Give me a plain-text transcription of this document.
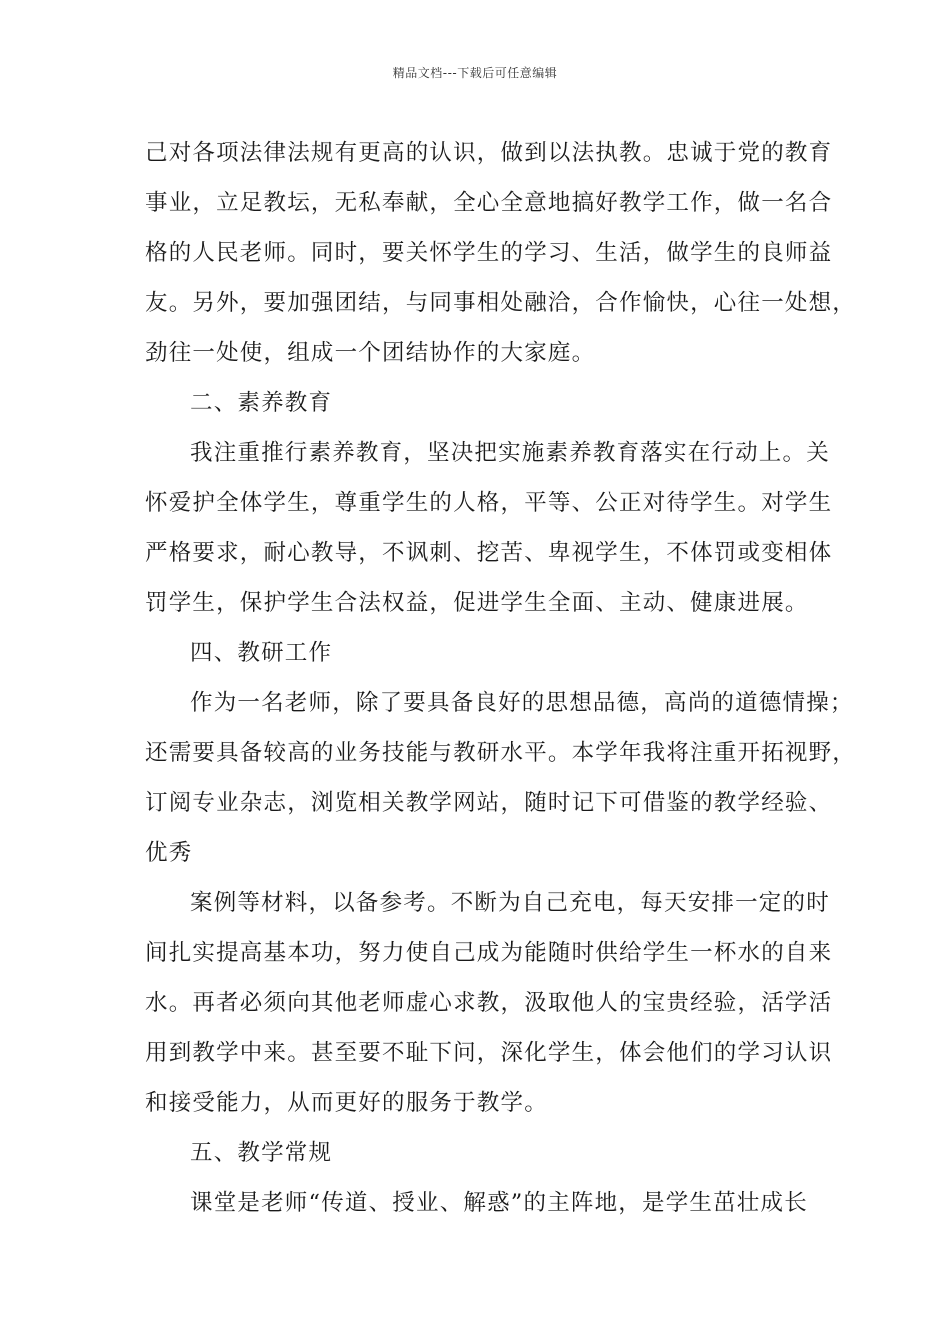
精品文档---下载后可任意编辑
己对各项法律法规有更高的认识，做到以法执教。忠诚于党的教育
事业，立足教坛，无私奉献，全心全意地搞好教学工作，做一名合
格的人民老师。同时，要关怀学生的学习、生活，做学生的良师益
友。另外，要加强团结，与同事相处融洽，合作愉快，心往一处想，
劲往一处使，组成一个团结协作的大家庭。
二、素养教育
我注重推行素养教育，坚决把实施素养教育落实在行动上。关
怀爱护全体学生，尊重学生的人格，平等、公正对待学生。对学生
严格要求，耐心教导，不讽刺、挖苦、卑视学生，不体罚或变相体
罚学生，保护学生合法权益，促进学生全面、主动、健康进展。
四、教研工作
作为一名老师，除了要具备良好的思想品德，高尚的道德情操；
还需要具备较高的业务技能与教研水平。本学年我将注重开拓视野，
订阅专业杂志，浏览相关教学网站，随时记下可借鉴的教学经验、
优秀
案例等材料，以备参考。不断为自己充电，每天安排一定的时
间扎实提高基本功，努力使自己成为能随时供给学生一杯水的自来
水。再者必须向其他老师虚心求教，汲取他人的宝贵经验，活学活
用到教学中来。甚至要不耻下问，深化学生，体会他们的学习认识
和接受能力，从而更好的服务于教学。
五、教学常规
课堂是老师“传道、授业、解惑”的主阵地，是学生茁壮成长
